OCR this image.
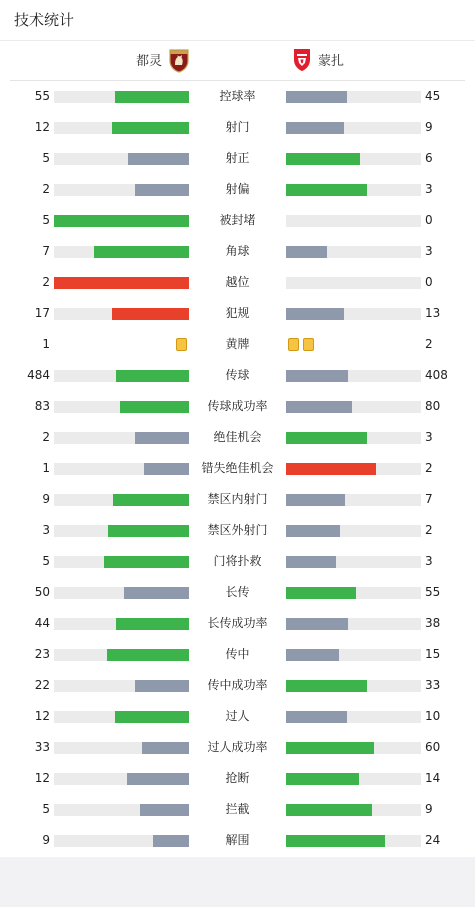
技术统计
都灵	蒙扎
55	控球率	45
12	射门	9
5	射正	6
2	射偏	3
5	被封堵	0
7	角球	3
2	越位	0
17	犯规	13
1	黄牌	2
484	传球	408
83	传球成功率	80
2	绝佳机会	3
1	错失绝佳机会	2
9	禁区内射门	7
3	禁区外射门	2
5	门将扑救	3
50	长传	55
44	长传成功率	38
23	传中	15
22	传中成功率	33
12	过人	10
33	过人成功率	60
12	抢断	14
5	拦截	9
9	解围	24
